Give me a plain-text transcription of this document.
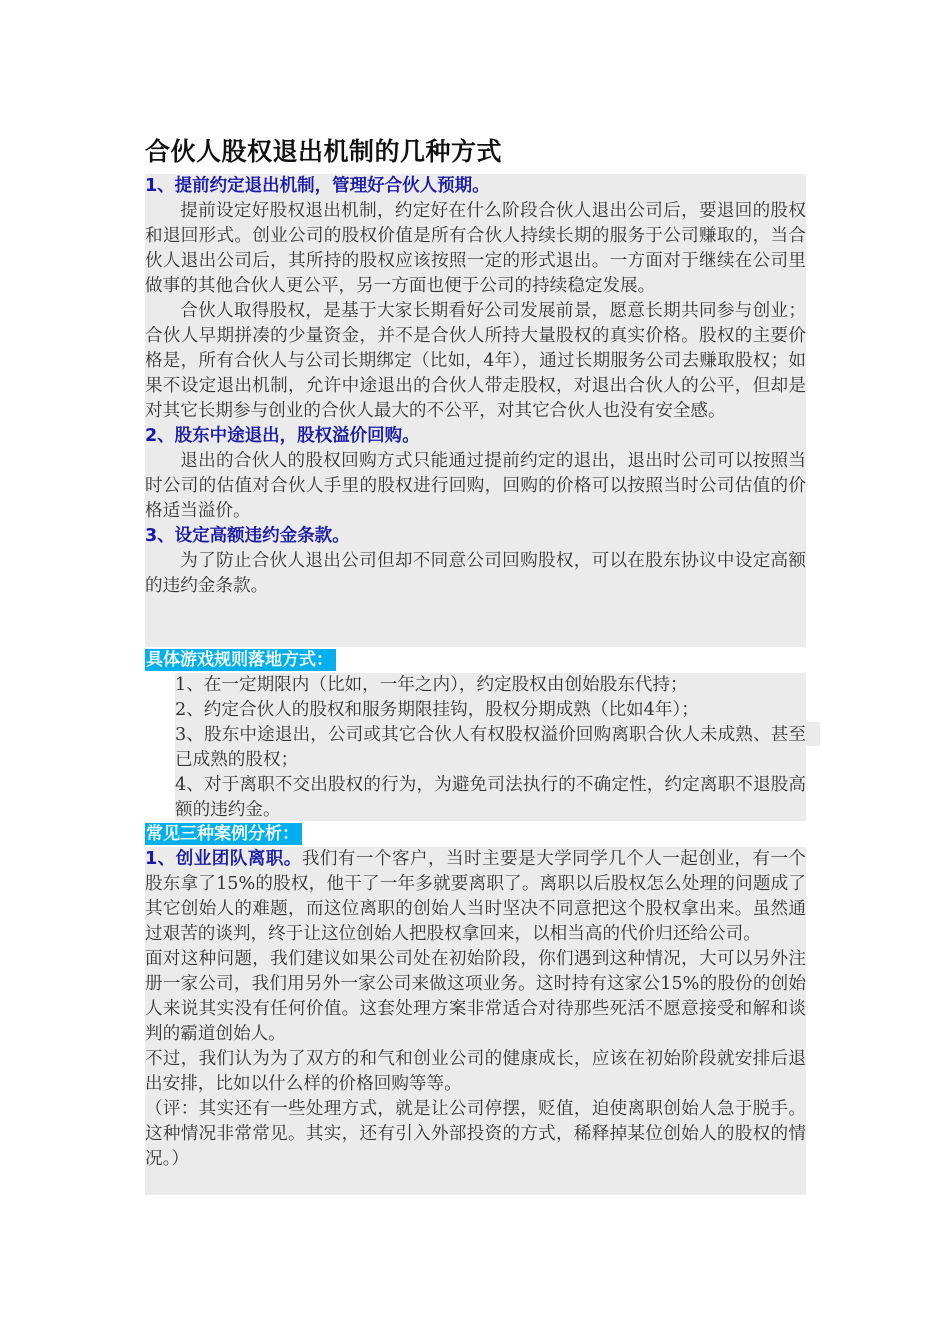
合伙人股权退出机制的几种方式
1、提前约定退出机制，管理好合伙人预期。

提前设定好股权退出机制，约定好在什么阶段合伙人退出公司后，要退回的股权和退回形式。创业公司的股权价值是所有合伙人持续长期的服务于公司赚取的，当合伙人退出公司后，其所持的股权应该按照一定的形式退出。一方面对于继续在公司里做事的其他合伙人更公平，另一方面也便于公司的持续稳定发展。

合伙人取得股权，是基于大家长期看好公司发展前景，愿意长期共同参与创业；合伙人早期拼凑的少量资金，并不是合伙人所持大量股权的真实价格。股权的主要价格是，所有合伙人与公司长期绑定（比如，4年），通过长期服务公司去赚取股权；如果不设定退出机制，允许中途退出的合伙人带走股权，对退出合伙人的公平，但却是对其它长期参与创业的合伙人最大的不公平，对其它合伙人也没有安全感。

2、股东中途退出，股权溢价回购。

退出的合伙人的股权回购方式只能通过提前约定的退出，退出时公司可以按照当时公司的估值对合伙人手里的股权进行回购，回购的价格可以按照当时公司估值的价格适当溢价。

3、设定高额违约金条款。

为了防止合伙人退出公司但却不同意公司回购股权，可以在股东协议中设定高额的违约金条款。

具体游戏规则落地方式：
1、在一定期限内（比如，一年之内），约定股权由创始股东代持；
2、约定合伙人的股权和服务期限挂钩，股权分期成熟（比如4年）；
3、股东中途退出，公司或其它合伙人有权股权溢价回购离职合伙人未成熟、甚至已成熟的股权；
4、对于离职不交出股权的行为，为避免司法执行的不确定性，约定离职不退股高额的违约金。
常见三种案例分析：

1、创业团队离职。我们有一个客户，当时主要是大学同学几个人一起创业，有一个股东拿了15%的股权，他干了一年多就要离职了。离职以后股权怎么处理的问题成了其它创始人的难题，而这位离职的创始人当时坚决不同意把这个股权拿出来。虽然通过艰苦的谈判，终于让这位创始人把股权拿回来，以相当高的代价归还给公司。

面对这种问题，我们建议如果公司处在初始阶段，你们遇到这种情况，大可以另外注册一家公司，我们用另外一家公司来做这项业务。这时持有这家公15%的股份的创始人来说其实没有任何价值。这套处理方案非常适合对待那些死活不愿意接受和解和谈判的霸道创始人。

不过，我们认为为了双方的和气和创业公司的健康成长，应该在初始阶段就安排后退出安排，比如以什么样的价格回购等等。

（评：其实还有一些处理方式，就是让公司停摆，贬值，迫使离职创始人急于脱手。这种情况非常常见。其实，还有引入外部投资的方式，稀释掉某位创始人的股权的情况。）
